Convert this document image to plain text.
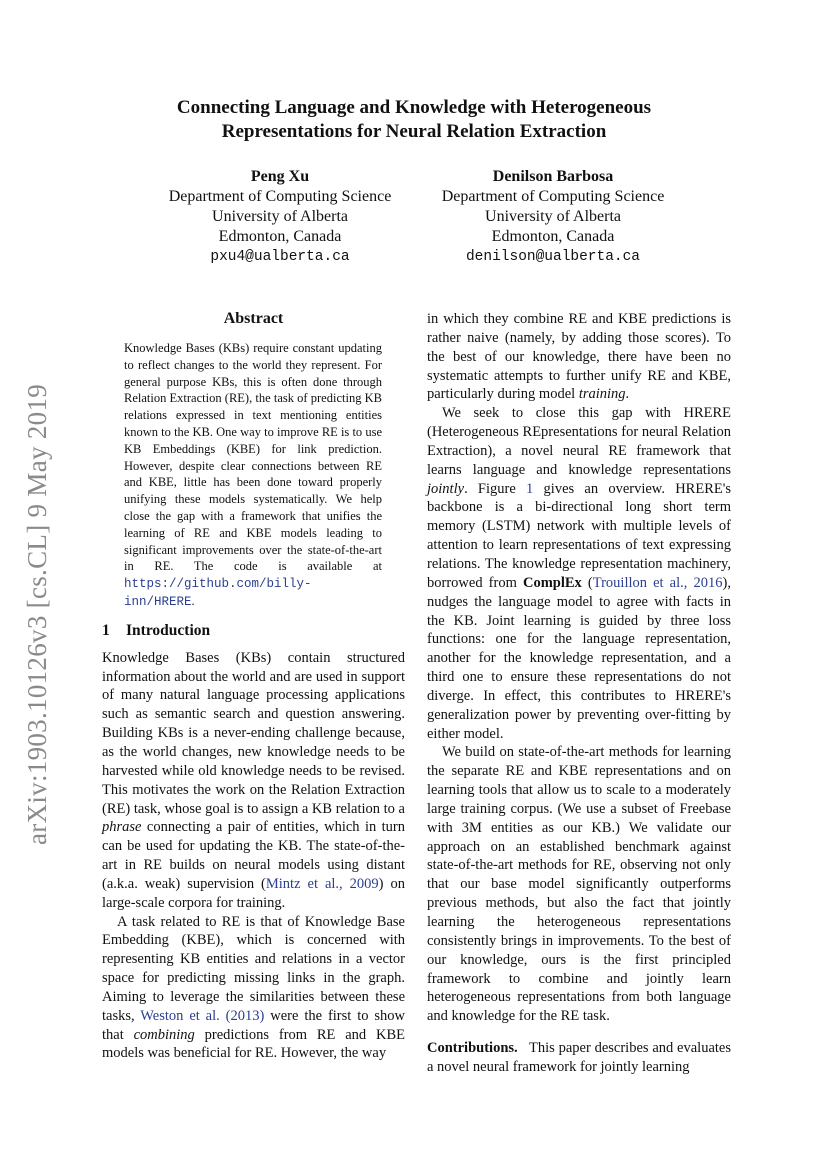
arXiv:1903.10126v3 [cs.CL] 9 May 2019
Connecting Language and Knowledge with Heterogeneous
Representations for Neural Relation Extraction
Peng Xu
Department of Computing Science
University of Alberta
Edmonton, Canada
pxu4@ualberta.ca
Denilson Barbosa
Department of Computing Science
University of Alberta
Edmonton, Canada
denilson@ualberta.ca
Abstract

Knowledge Bases (KBs) require constant updating to reflect changes to the world they represent. For general purpose KBs, this is often done through Relation Extraction (RE), the task of predicting KB relations expressed in text mentioning entities known to the KB. One way to improve RE is to use KB Embeddings (KBE) for link prediction. However, despite clear connections between RE and KBE, little has been done toward properly unifying these models systematically. We help close the gap with a framework that unifies the learning of RE and KBE models leading to significant improvements over the state-of-the-art in RE. The code is available at https://github.com/billy-inn/HRERE.

1 Introduction

Knowledge Bases (KBs) contain structured information about the world and are used in support of many natural language processing applications such as semantic search and question answering. Building KBs is a never-ending challenge because, as the world changes, new knowledge needs to be harvested while old knowledge needs to be revised. This motivates the work on the Relation Extraction (RE) task, whose goal is to assign a KB relation to a phrase connecting a pair of entities, which in turn can be used for updating the KB. The state-of-the-art in RE builds on neural models using distant (a.k.a. weak) supervision (Mintz et al., 2009) on large-scale corpora for training.

A task related to RE is that of Knowledge Base Embedding (KBE), which is concerned with representing KB entities and relations in a vector space for predicting missing links in the graph. Aiming to leverage the similarities between these tasks, Weston et al. (2013) were the first to show that combining predictions from RE and KBE models was beneficial for RE. However, the way

in which they combine RE and KBE predictions is rather naive (namely, by adding those scores). To the best of our knowledge, there have been no systematic attempts to further unify RE and KBE, particularly during model training.

We seek to close this gap with HRERE (Heterogeneous REpresentations for neural Relation Extraction), a novel neural RE framework that learns language and knowledge representations jointly. Figure 1 gives an overview. HRERE's backbone is a bi-directional long short term memory (LSTM) network with multiple levels of attention to learn representations of text expressing relations. The knowledge representation machinery, borrowed from ComplEx (Trouillon et al., 2016), nudges the language model to agree with facts in the KB. Joint learning is guided by three loss functions: one for the language representation, another for the knowledge representation, and a third one to ensure these representations do not diverge. In effect, this contributes to HRERE's generalization power by preventing over-fitting by either model.

We build on state-of-the-art methods for learning the separate RE and KBE representations and on learning tools that allow us to scale to a moderately large training corpus. (We use a subset of Freebase with 3M entities as our KB.) We validate our approach on an established benchmark against state-of-the-art methods for RE, observing not only that our base model significantly outperforms previous methods, but also the fact that jointly learning the heterogeneous representations consistently brings in improvements. To the best of our knowledge, ours is the first principled framework to combine and jointly learn heterogeneous representations from both language and knowledge for the RE task.

Contributions. This paper describes and evaluates a novel neural framework for jointly learning
